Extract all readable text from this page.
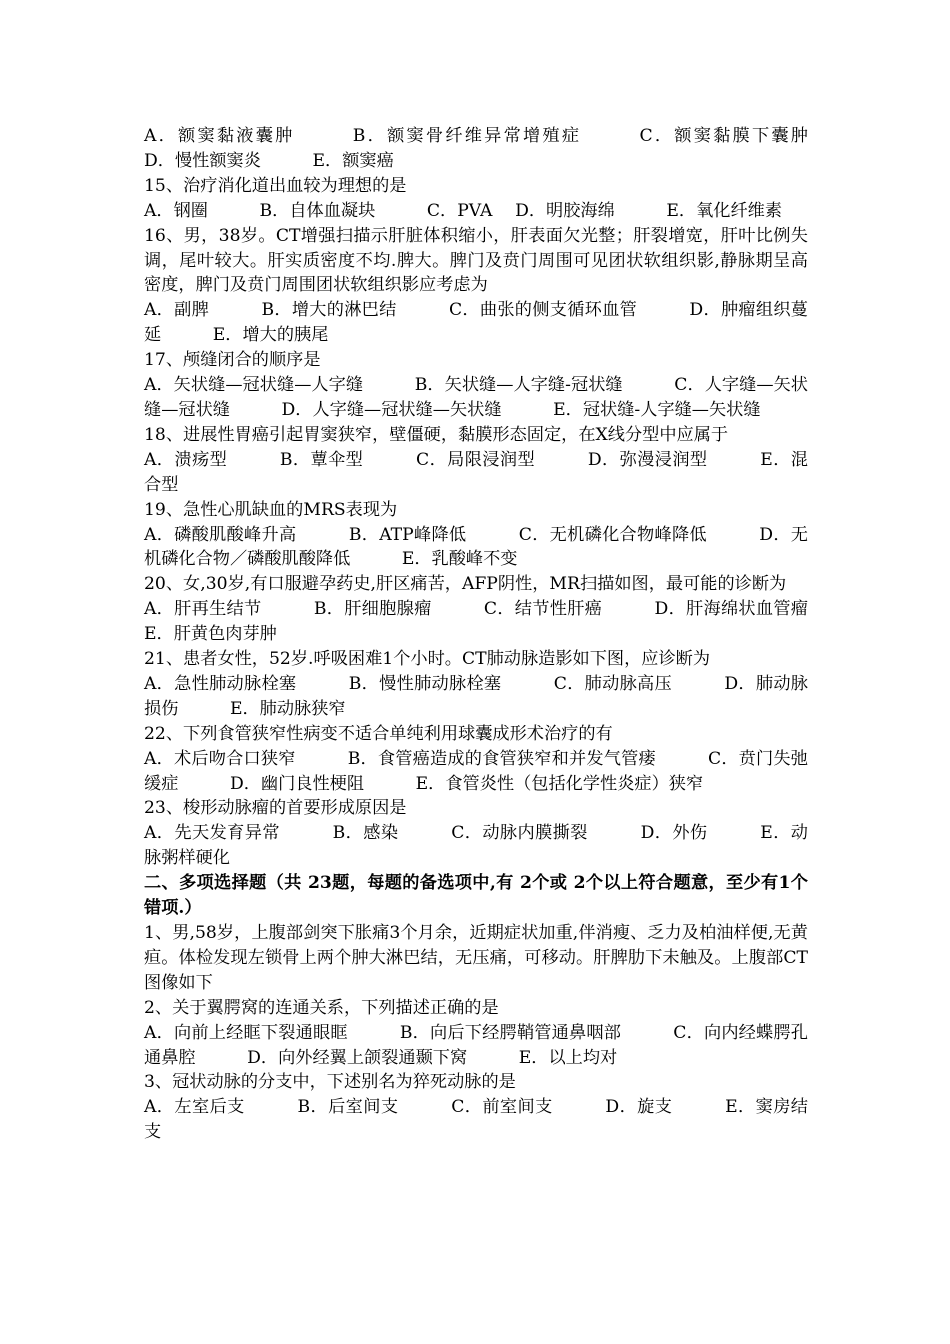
A．额窦黏液囊肿　　　B．额窦骨纤维异常增殖症　　　C．额窦黏膜下囊肿　　　D．慢性额窦炎　　　E．额窦癌

15、治疗消化道出血较为理想的是

A．钢圈　　　B．自体血凝块　　　C．PVA　 D．明胶海绵　　　E．氧化纤维素

16、男，38岁。CT增强扫描示肝脏体积缩小，肝表面欠光整；肝裂增宽，肝叶比例失调，尾叶较大。肝实质密度不均.脾大。脾门及贲门周围可见团状软组织影,静脉期呈高密度，脾门及贲门周围团状软组织影应考虑为

A．副脾　　　B．增大的淋巴结　　　C．曲张的侧支循环血管　　　D．肿瘤组织蔓延　　　E．增大的胰尾

17、颅缝闭合的顺序是

A．矢状缝—冠状缝—人字缝　　　B．矢状缝—人字缝-冠状缝　　　C．人字缝—矢状缝—冠状缝　　　D．人字缝—冠状缝—矢状缝　　　E．冠状缝-人字缝—矢状缝

18、进展性胃癌引起胃窦狭窄，壁僵硬，黏膜形态固定，在X线分型中应属于

A．溃疡型　　　B．蕈伞型　　　C．局限浸润型　　　D．弥漫浸润型　　　E．混合型

19、急性心肌缺血的MRS表现为

A．磷酸肌酸峰升高　　　B．ATP峰降低　　　C．无机磷化合物峰降低　　　D．无机磷化合物／磷酸肌酸降低　　　E．乳酸峰不变

20、女,30岁,有口服避孕药史,肝区痛苦，AFP阴性，MR扫描如图，最可能的诊断为

A．肝再生结节　　　B．肝细胞腺瘤　　　C．结节性肝癌　　　D．肝海绵状血管瘤　　　E．肝黄色肉芽肿

21、患者女性，52岁.呼吸困难1个小时。CT肺动脉造影如下图，应诊断为

A．急性肺动脉栓塞　　　B．慢性肺动脉栓塞　　　C．肺动脉高压　　　D．肺动脉损伤　　　E．肺动脉狭窄

22、下列食管狭窄性病变不适合单纯利用球囊成形术治疗的有

A．术后吻合口狭窄　　　B．食管癌造成的食管狭窄和并发气管瘘　　　C．贲门失弛缓症　　　D．幽门良性梗阻　　　E．食管炎性（包括化学性炎症）狭窄

23、梭形动脉瘤的首要形成原因是

A．先天发育异常　　　B．感染　　　C．动脉内膜撕裂　　　D．外伤　　　E．动脉粥样硬化

二、多项选择题（共 23题，每题的备选项中,有 2个或 2个以上符合题意，至少有1个错项.）

1、男,58岁，上腹部剑突下胀痛3个月余，近期症状加重,伴消瘦、乏力及柏油样便,无黄疸。体检发现左锁骨上两个肿大淋巴结，无压痛，可移动。肝脾肋下未触及。上腹部CT图像如下

2、关于翼腭窝的连通关系，下列描述正确的是

A．向前上经眶下裂通眼眶　　　B．向后下经腭鞘管通鼻咽部　　　C．向内经蝶腭孔通鼻腔　　　D．向外经翼上颌裂通颞下窝　　　E．以上均对

3、冠状动脉的分支中，下述别名为猝死动脉的是

A．左室后支　　　B．后室间支　　　C．前室间支　　　D．旋支　　　E．窦房结支
